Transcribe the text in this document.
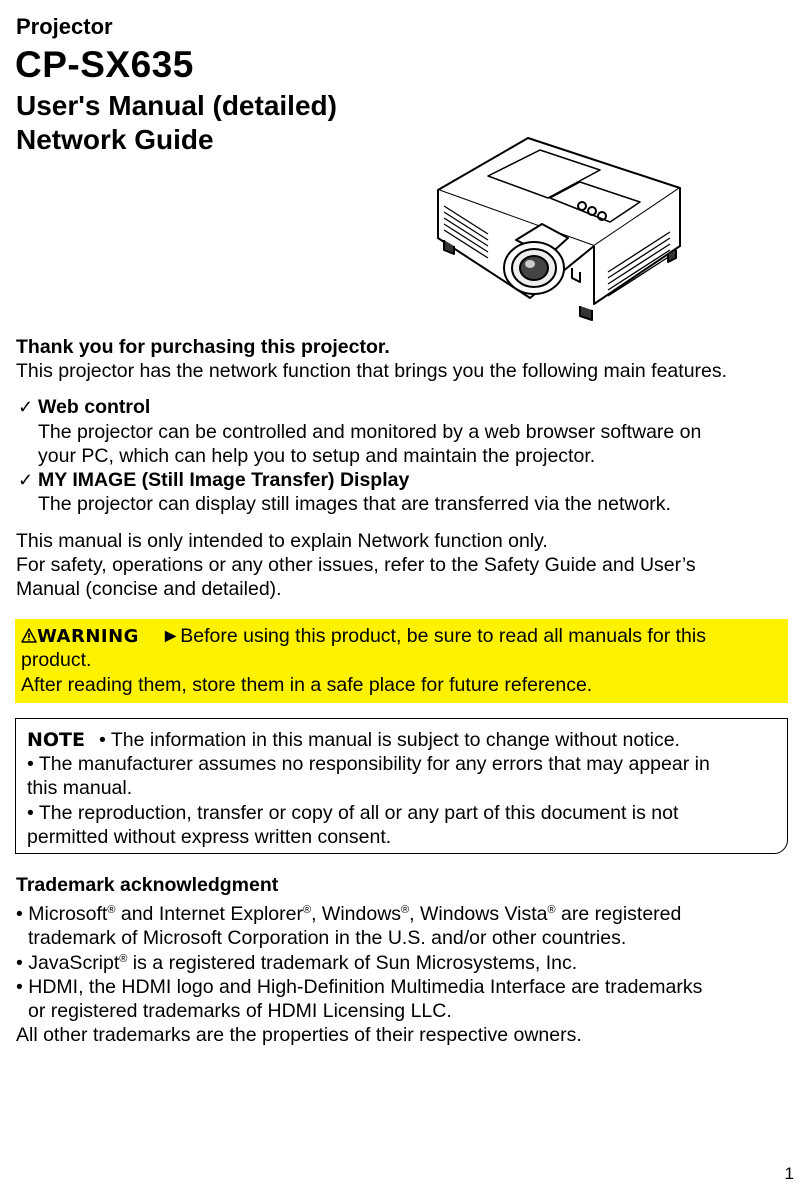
Projector
CP-SX635
User's Manual (detailed)
Network Guide
Thank you for purchasing this projector.
This projector has the network function that brings you the following main features.
✓ Web control
The projector can be controlled and monitored by a web browser software on
your PC, which can help you to setup and maintain the projector.
✓ MY IMAGE (Still Image Transfer) Display
The projector can display still images that are transferred via the network.
This manual is only intended to explain Network function only.
For safety, operations or any other issues, refer to the Safety Guide and User’s
Manual (concise and detailed).
WARNING ►Before using this product, be sure to read all manuals for this
product.
After reading them, store them in a safe place for future reference.
NOTE • The information in this manual is subject to change without notice.
• The manufacturer assumes no responsibility for any errors that may appear in
this manual.
• The reproduction, transfer or copy of all or any part of this document is not
permitted without express written consent.
Trademark acknowledgment
• Microsoft® and Internet Explorer®, Windows®, Windows Vista® are registered
trademark of Microsoft Corporation in the U.S. and/or other countries.
• JavaScript® is a registered trademark of Sun Microsystems, Inc.
• HDMI, the HDMI logo and High-Definition Multimedia Interface are trademarks
or registered trademarks of HDMI Licensing LLC.
All other trademarks are the properties of their respective owners.
1
